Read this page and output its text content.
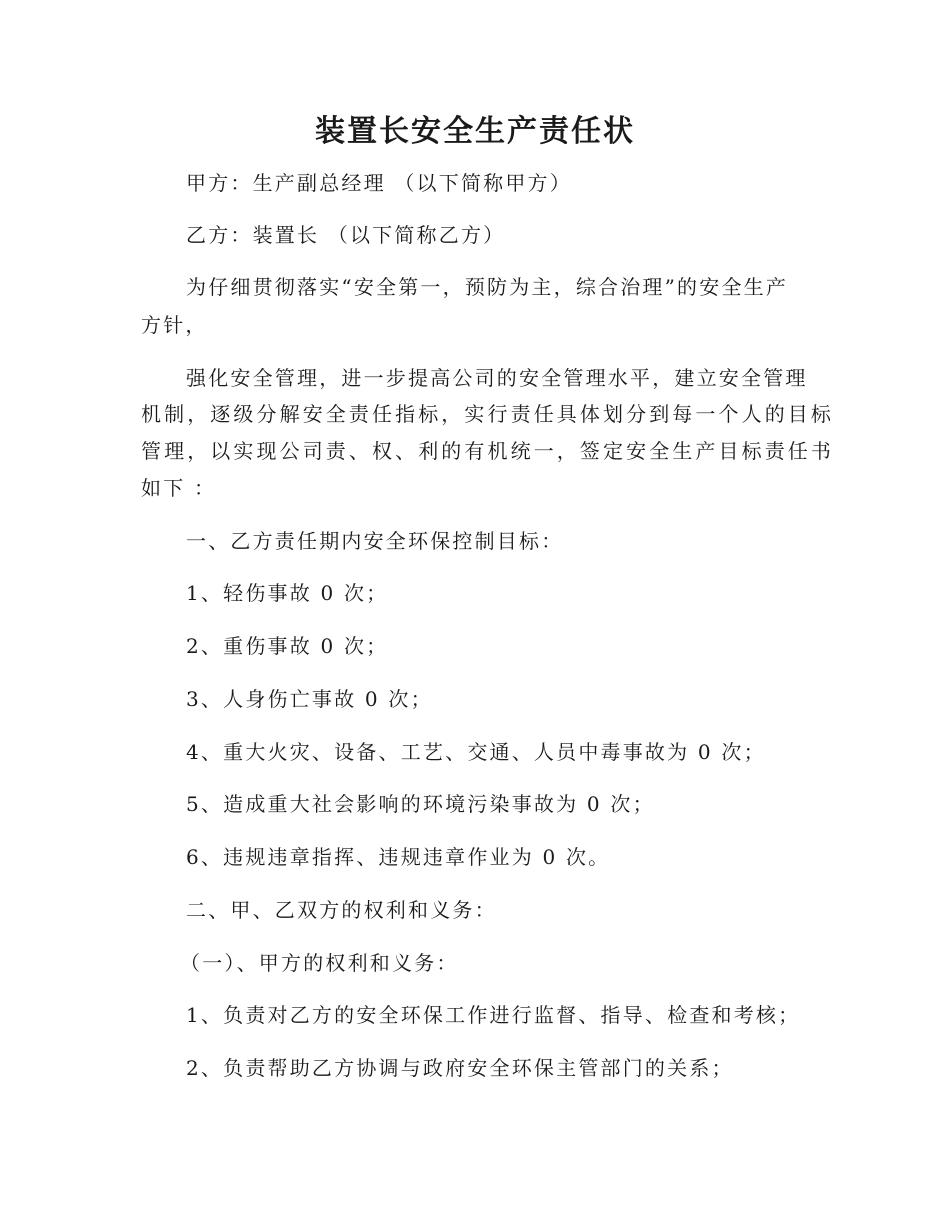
装置长安全生产责任状
甲方：生产副总经理 （以下简称甲方）
乙方：装置长 （以下简称乙方）
为仔细贯彻落实“安全第一，预防为主，综合治理”的安全生产
方针，
强化安全管理，进一步提高公司的安全管理水平，建立安全管理
机制，逐级分解安全责任指标，实行责任具体划分到每一个人的目标
管理，以实现公司责、权、利的有机统一，签定安全生产目标责任书
如下 ：
一、乙方责任期内安全环保控制目标：
1、轻伤事故 0 次；
2、重伤事故 0 次；
3、人身伤亡事故 0 次；
4、重大火灾、设备、工艺、交通、人员中毒事故为 0 次；
5、造成重大社会影响的环境污染事故为 0 次；
6、违规违章指挥、违规违章作业为 0 次。
二、甲、乙双方的权利和义务：
（一）、甲方的权利和义务：
1、负责对乙方的安全环保工作进行监督、指导、检查和考核；
2、负责帮助乙方协调与政府安全环保主管部门的关系；
